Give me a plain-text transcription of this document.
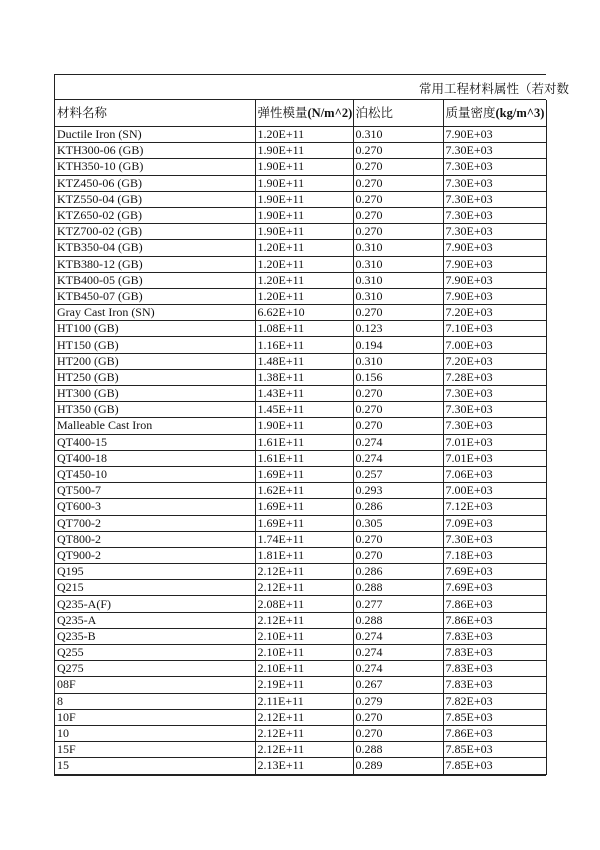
常用工程材料属性（若对数
材料名称	弹性模量(N/m^2)	泊松比	质量密度(kg/m^3)
Ductile Iron (SN)	1.20E+11	0.310	7.90E+03
KTH300-06 (GB)	1.90E+11	0.270	7.30E+03
KTH350-10 (GB)	1.90E+11	0.270	7.30E+03
KTZ450-06 (GB)	1.90E+11	0.270	7.30E+03
KTZ550-04 (GB)	1.90E+11	0.270	7.30E+03
KTZ650-02 (GB)	1.90E+11	0.270	7.30E+03
KTZ700-02 (GB)	1.90E+11	0.270	7.30E+03
KTB350-04 (GB)	1.20E+11	0.310	7.90E+03
KTB380-12 (GB)	1.20E+11	0.310	7.90E+03
KTB400-05 (GB)	1.20E+11	0.310	7.90E+03
KTB450-07 (GB)	1.20E+11	0.310	7.90E+03
Gray Cast Iron (SN)	6.62E+10	0.270	7.20E+03
HT100 (GB)	1.08E+11	0.123	7.10E+03
HT150 (GB)	1.16E+11	0.194	7.00E+03
HT200 (GB)	1.48E+11	0.310	7.20E+03
HT250 (GB)	1.38E+11	0.156	7.28E+03
HT300 (GB)	1.43E+11	0.270	7.30E+03
HT350 (GB)	1.45E+11	0.270	7.30E+03
Malleable Cast Iron	1.90E+11	0.270	7.30E+03
QT400-15	1.61E+11	0.274	7.01E+03
QT400-18	1.61E+11	0.274	7.01E+03
QT450-10	1.69E+11	0.257	7.06E+03
QT500-7	1.62E+11	0.293	7.00E+03
QT600-3	1.69E+11	0.286	7.12E+03
QT700-2	1.69E+11	0.305	7.09E+03
QT800-2	1.74E+11	0.270	7.30E+03
QT900-2	1.81E+11	0.270	7.18E+03
Q195	2.12E+11	0.286	7.69E+03
Q215	2.12E+11	0.288	7.69E+03
Q235-A(F)	2.08E+11	0.277	7.86E+03
Q235-A	2.12E+11	0.288	7.86E+03
Q235-B	2.10E+11	0.274	7.83E+03
Q255	2.10E+11	0.274	7.83E+03
Q275	2.10E+11	0.274	7.83E+03
08F	2.19E+11	0.267	7.83E+03
8	2.11E+11	0.279	7.82E+03
10F	2.12E+11	0.270	7.85E+03
10	2.12E+11	0.270	7.86E+03
15F	2.12E+11	0.288	7.85E+03
15	2.13E+11	0.289	7.85E+03
